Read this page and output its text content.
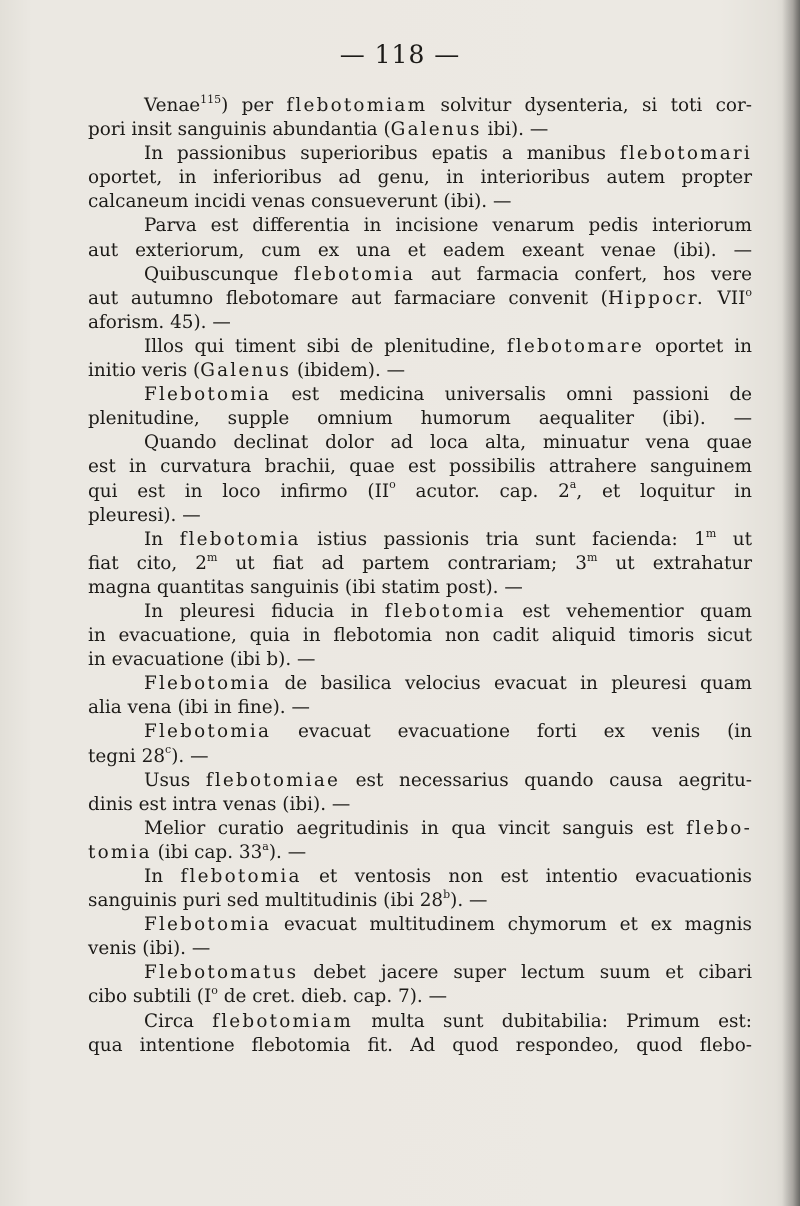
— 118 —
Venae$^{115}$) per flebotomiam solvitur dysenteria, si toti cor-
pori insit sanguinis abundantia (Galenus ibi). —
In passionibus superioribus epatis a manibus flebotomari
oportet, in inferioribus ad genu, in interioribus autem propter
calcaneum incidi venas consueverunt (ibi). —
Parva est differentia in incisione venarum pedis interiorum
aut exteriorum, cum ex una et eadem exeant venae (ibi). —
Quibuscunque flebotomia aut farmacia confert, hos vere
aut autumno flebotomare aut farmaciare convenit (Hippocr. VII$^o$
aforism. 45). —
Illos qui timent sibi de plenitudine, flebotomare oportet in
initio veris (Galenus (ibidem). —
Flebotomia est medicina universalis omni passioni de
plenitudine, supple omnium humorum aequaliter (ibi). —
Quando declinat dolor ad loca alta, minuatur vena quae
est in curvatura brachii, quae est possibilis attrahere sanguinem
qui est in loco infirmo ($II^o$ acutor. cap. 2$^a$, et loquitur in
pleuresi). —
In flebotomia istius passionis tria sunt facienda: 1$^m$ ut
fiat cito, 2$^m$ ut fiat ad partem contrariam; 3$^m$ ut extrahatur
magna quantitas sanguinis (ibi statim post). —
In pleuresi fiducia in flebotomia est vehementior quam
in evacuatione, quia in flebotomia non cadit aliquid timoris sicut
in evacuatione (ibi b). —
Flebotomia de basilica velocius evacuat in pleuresi quam
alia vena (ibi in fine). —
Flebotomia evacuat evacuatione forti ex venis (in
tegni 28$^c$). —
Usus flebotomiae est necessarius quando causa aegritu-
dinis est intra venas (ibi). —
Melior curatio aegritudinis in qua vincit sanguis est flebo-
tomia (ibi cap. 33$^a$). —
In flebotomia et ventosis non est intentio evacuationis
sanguinis puri sed multitudinis (ibi 28$^b$). —
Flebotomia evacuat multitudinem chymorum et ex magnis
venis (ibi). —
Flebotomatus debet jacere super lectum suum et cibari
cibo subtili ($I^o$ de cret. dieb. cap. 7). —
Circa flebotomiam multa sunt dubitabilia: Primum est:
qua intentione flebotomia fit. Ad quod respondeo, quod flebo-
